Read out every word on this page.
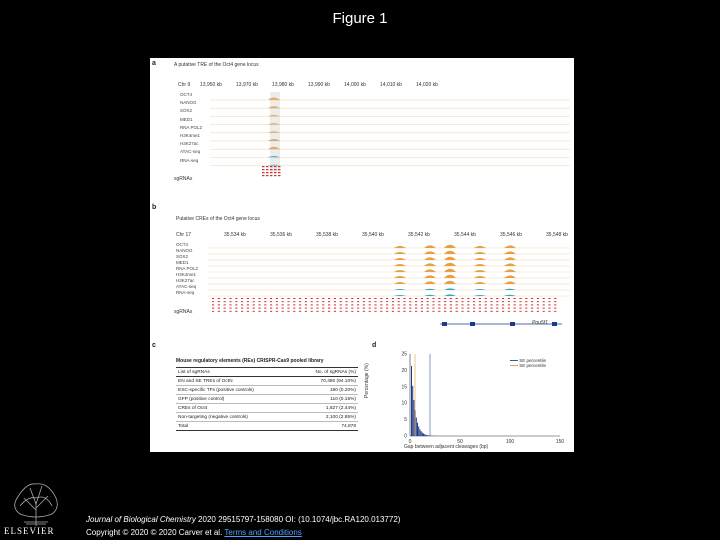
Figure 1
a	A putative TRE of the Oct4 gene locus
Chr 9
sgRNAs
b
Putative CREs of the Oct4 gene locus
Chr 17
sgRNAs
Pou5f1
c
Mouse regulatory elements (REs) CRISPR-Cas9 pooled library
List of sgRNAs	No. of sgRNAs (%)
EN and SE TREs of OctN	70,480 (94.10%)
ESC-specific TFs (positive controls)	180 (0.20%)
GFP (positive control)	110 (0.15%)
CREs of Oct4	1,827 (2.44%)
Non-targeting (negative controls)	2,100 (2.85%)
Total	74,878
d
0
5
10
15
20
25
0	50	100	150
Gap between adjacent cleavages (bp)
Percentage (%)
SE percentile
SE percentile
13,950 kb	13,970 kb	13,980 kb	13,990 kb	14,000 kb	14,010 kb	14,020 kb
OCT4
NANOG
SOX2
MED1
RNA POL2
H3K4me1
H3K27ac
ATAC-seq
RNA-seq
35,534 kb	35,536 kb	35,538 kb	35,540 kb	35,542 kb	35,544 kb	35,546 kb	35,548 kb
OCT4
NANOG
SOX2
MED1
RNA POL2
H3K4me1
H3K27ac
ATAC-seq
RNA-seq
ELSEVIER
Journal of Biological Chemistry 2020 29515797-158080 OI: (10.1074/jbc.RA120.013772)
Copyright © 2020 © 2020 Carver et al. Terms and Conditions
